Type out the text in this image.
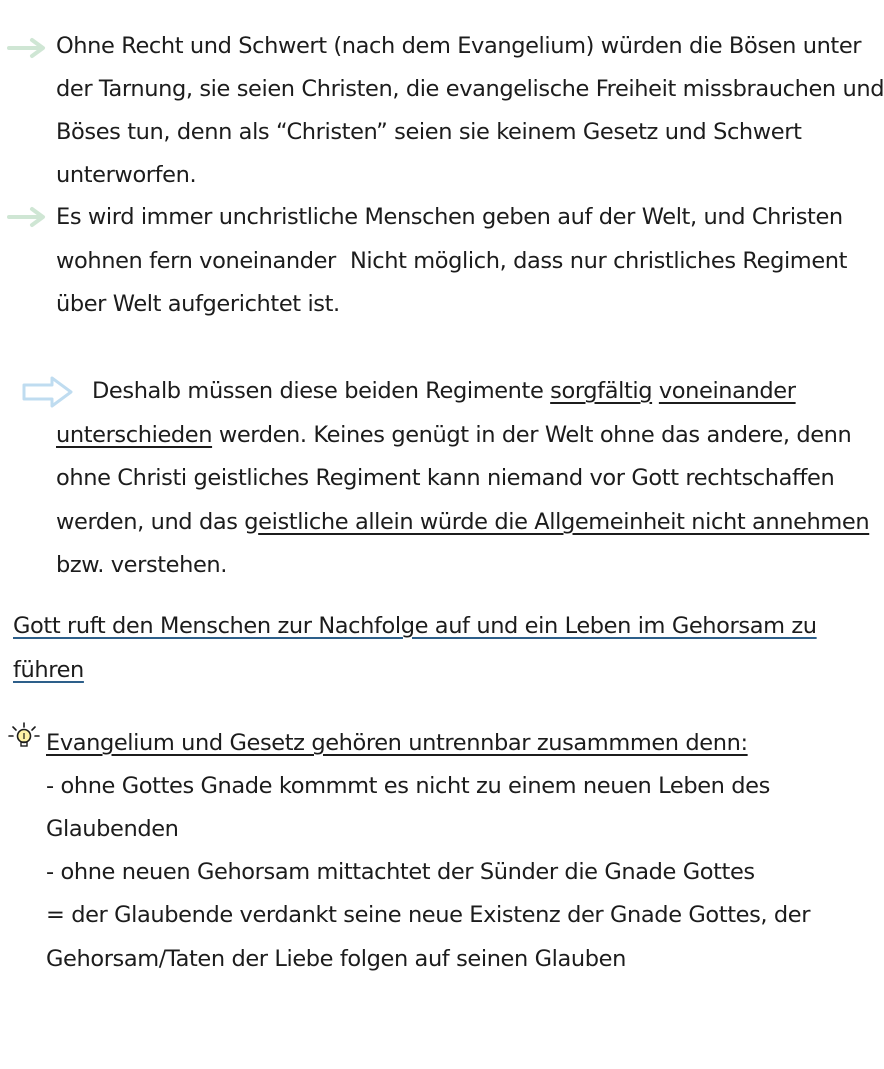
Ohne Recht und Schwert (nach dem Evangelium) würden die Bösen unter
der Tarnung, sie seien Christen, die evangelische Freiheit missbrauchen und
Böses tun, denn als “Christen” seien sie keinem Gesetz und Schwert
unterworfen.
Es wird immer unchristliche Menschen geben auf der Welt, und Christen
wohnen fern voneinander Nicht möglich, dass nur christliches Regiment
über Welt aufgerichtet ist.
Deshalb müssen diese beiden Regimente sorgfältig voneinander
unterschieden werden. Keines genügt in der Welt ohne das andere, denn
ohne Christi geistliches Regiment kann niemand vor Gott rechtschaffen
werden, und das geistliche allein würde die Allgemeinheit nicht annehmen
bzw. verstehen.
Gott ruft den Menschen zur Nachfolge auf und ein Leben im Gehorsam zu
führen
Evangelium und Gesetz gehören untrennbar zusammmen denn:
- ohne Gottes Gnade kommmt es nicht zu einem neuen Leben des
Glaubenden
- ohne neuen Gehorsam mittachtet der Sünder die Gnade Gottes
= der Glaubende verdankt seine neue Existenz der Gnade Gottes, der
Gehorsam/Taten der Liebe folgen auf seinen Glauben
